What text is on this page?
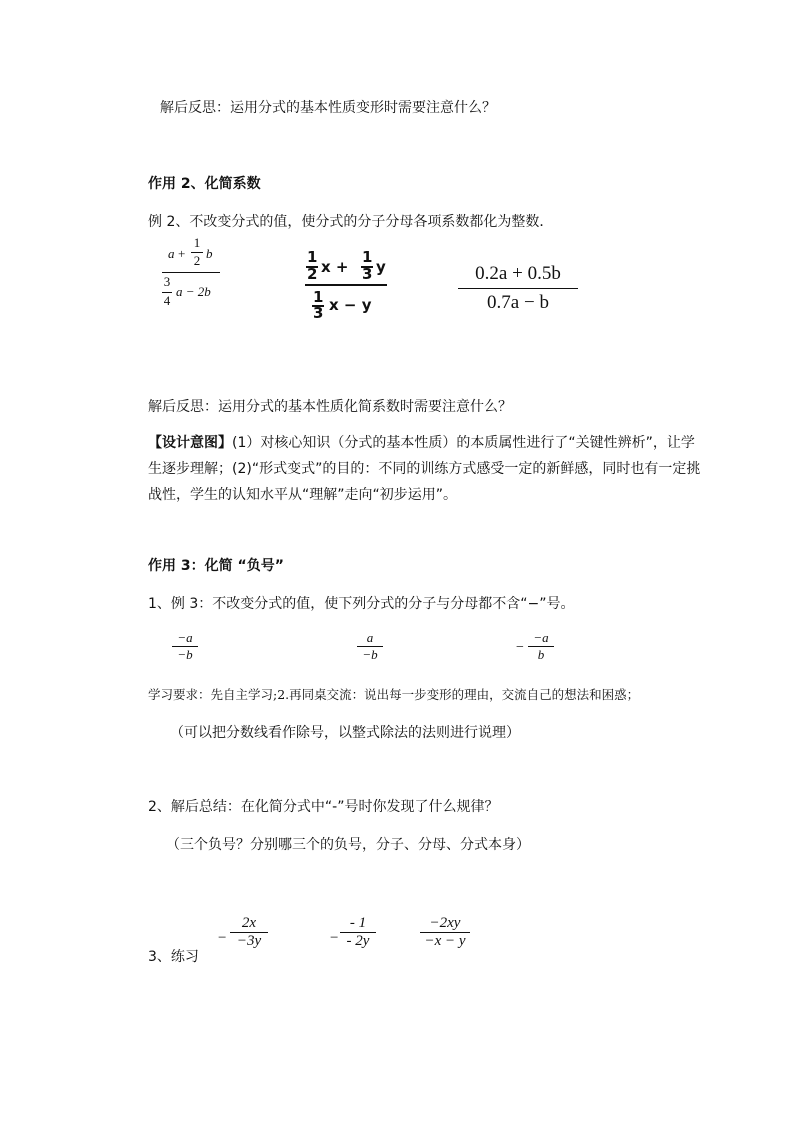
解后反思：运用分式的基本性质变形时需要注意什么？
作用 2、化简系数
例 2、不改变分式的值，使分式的分子分母各项系数都化为整数．
a +
1
2 b
3
4
a − 2b
1
2 x +
1
3 y
1
3 x − y
0.2a + 0.5b
0.7a − b
解后反思：运用分式的基本性质化简系数时需要注意什么？
【设计意图】(1）对核心知识（分式的基本性质）的本质属性进行了“关键性辨析”，让学生逐步理解；(2)“形式变式”的目的：不同的训练方式感受一定的新鲜感，同时也有一定挑战性，学生的认知水平从“理解”走向“初步运用”。
作用 3：化简 “负号”
1、例 3：不改变分式的值，使下列分式的分子与分母都不含“−”号。
−a
−b
a
−b	−
−a
b
学习要求：先自主学习;2.再同桌交流：说出每一步变形的理由，交流自己的想法和困惑；
（可以把分数线看作除号，以整式除法的法则进行说理）
2、解后总结：在化简分式中“-”号时你发现了什么规律？
（三个负号？分别哪三个的负号，分子、分母、分式本身）
3、练习
−
2x
−3y	−
- 1
- 2y
−2xy
−x − y
